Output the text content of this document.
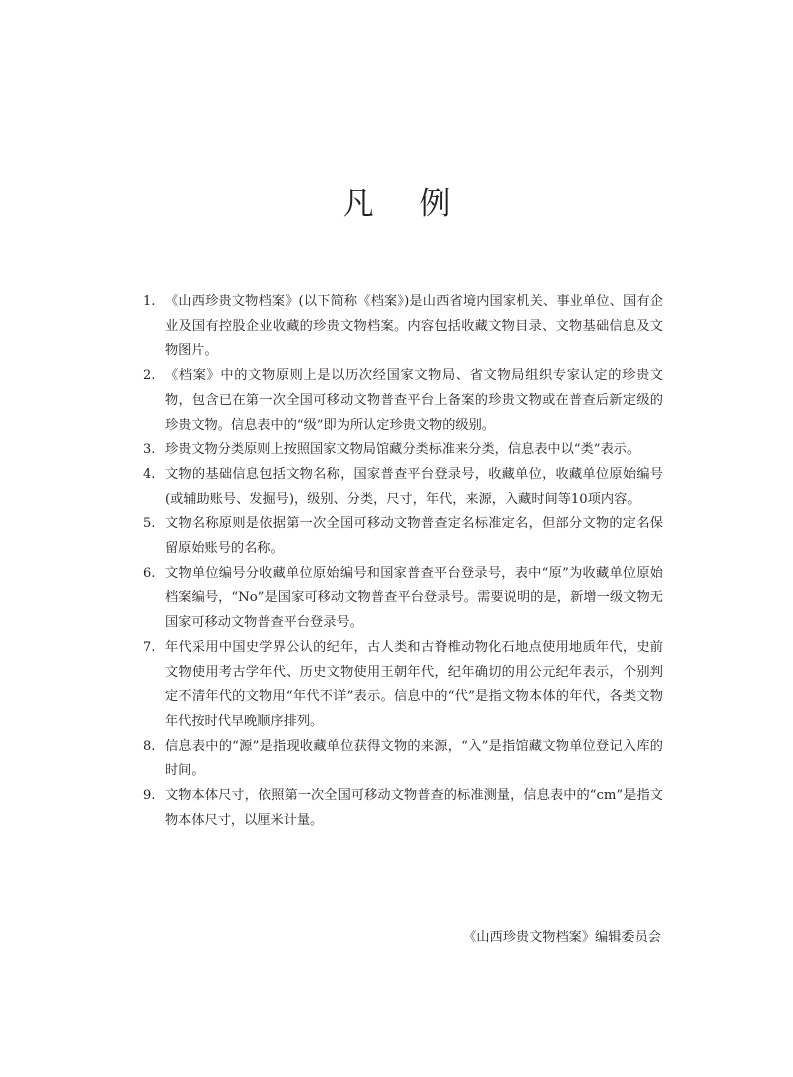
凡 例
1. 《山西珍贵文物档案》(以下简称《档案》)是山西省境内国家机关、事业单位、国有企业及国有控股企业收藏的珍贵文物档案。内容包括收藏文物目录、文物基础信息及文物图片。
2. 《档案》中的文物原则上是以历次经国家文物局、省文物局组织专家认定的珍贵文物，包含已在第一次全国可移动文物普查平台上备案的珍贵文物或在普查后新定级的珍贵文物。信息表中的“级”即为所认定珍贵文物的级别。
3. 珍贵文物分类原则上按照国家文物局馆藏分类标准来分类，信息表中以“类”表示。
4. 文物的基础信息包括文物名称，国家普查平台登录号，收藏单位，收藏单位原始编号(或辅助账号、发掘号)，级别、分类，尺寸，年代，来源，入藏时间等10项内容。
5. 文物名称原则是依据第一次全国可移动文物普查定名标准定名，但部分文物的定名保留原始账号的名称。
6. 文物单位编号分收藏单位原始编号和国家普查平台登录号，表中“原”为收藏单位原始档案编号，“No”是国家可移动文物普查平台登录号。需要说明的是，新增一级文物无国家可移动文物普查平台登录号。
7. 年代采用中国史学界公认的纪年，古人类和古脊椎动物化石地点使用地质年代，史前文物使用考古学年代、历史文物使用王朝年代，纪年确切的用公元纪年表示，个别判定不清年代的文物用“年代不详”表示。信息中的“代”是指文物本体的年代，各类文物年代按时代早晚顺序排列。
8. 信息表中的“源”是指现收藏单位获得文物的来源，“入”是指馆藏文物单位登记入库的时间。
9. 文物本体尺寸，依照第一次全国可移动文物普查的标准测量，信息表中的“cm”是指文物本体尺寸，以厘米计量。
《山西珍贵文物档案》编辑委员会
